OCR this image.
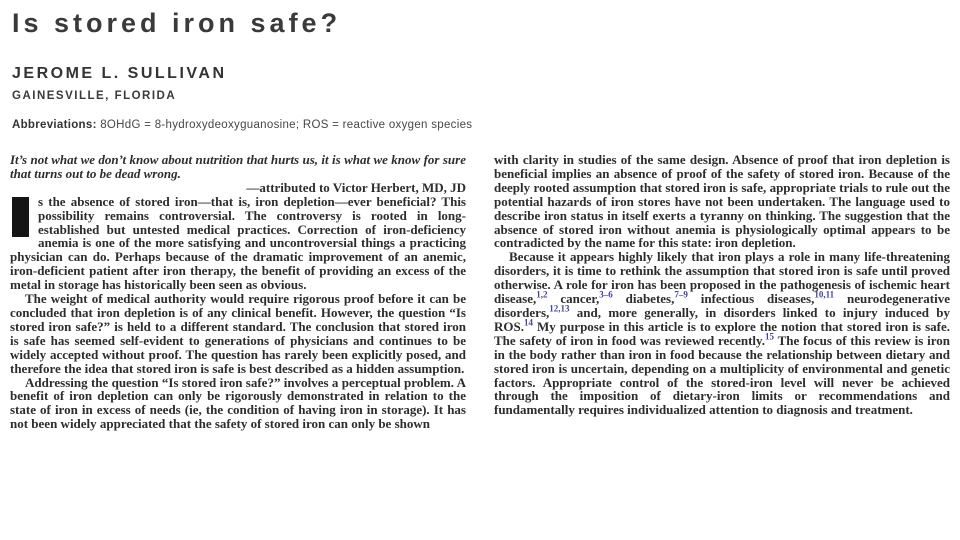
Is stored iron safe?
JEROME L. SULLIVAN
GAINESVILLE, FLORIDA
Abbreviations: 8OHdG = 8-hydroxydeoxyguanosine; ROS = reactive oxygen species
It’s not what we don’t know about nutrition that hurts us, it is what we know for sure that turns out to be dead wrong.
—attributed to Victor Herbert, MD, JD

s the absence of stored iron—that is, iron depletion—ever beneficial? This possibility remains controversial. The controversy is rooted in long-established but untested medical practices. Correction of iron-deficiency anemia is one of the more satisfying and uncontroversial things a practicing physician can do. Perhaps because of the dramatic improvement of an anemic, iron-deficient patient after iron therapy, the benefit of providing an excess of the metal in storage has historically been seen as obvious.

The weight of medical authority would require rigorous proof before it can be concluded that iron depletion is of any clinical benefit. However, the question “Is stored iron safe?” is held to a different standard. The conclusion that stored iron is safe has seemed self-evident to generations of physicians and continues to be widely accepted without proof. The question has rarely been explicitly posed, and therefore the idea that stored iron is safe is best described as a hidden assumption.

Addressing the question “Is stored iron safe?” involves a perceptual problem. A benefit of iron depletion can only be rigorously demonstrated in relation to the state of iron in excess of needs (ie, the condition of having iron in storage). It has not been widely appreciated that the safety of stored iron can only be shown

with clarity in studies of the same design. Absence of proof that iron depletion is beneficial implies an absence of proof of the safety of stored iron. Because of the deeply rooted assumption that stored iron is safe, appropriate trials to rule out the potential hazards of iron stores have not been undertaken. The language used to describe iron status in itself exerts a tyranny on thinking. The suggestion that the absence of stored iron without anemia is physiologically optimal appears to be contradicted by the name for this state: iron depletion.

Because it appears highly likely that iron plays a role in many life-threatening disorders, it is time to rethink the assumption that stored iron is safe until proved otherwise. A role for iron has been proposed in the pathogenesis of ischemic heart disease,$^{1,2}$ cancer,$^{3-6}$ diabetes,$^{7-9}$ infectious diseases,$^{10,11}$ neurodegenerative disorders,$^{12,13}$ and, more generally, in disorders linked to injury induced by ROS.$^{14}$ My purpose in this article is to explore the notion that stored iron is safe. The safety of iron in food was reviewed recently.$^{15}$ The focus of this review is iron in the body rather than iron in food because the relationship between dietary and stored iron is uncertain, depending on a multiplicity of environmental and genetic factors. Appropriate control of the stored-iron level will never be achieved through the imposition of dietary-iron limits or recommendations and fundamentally requires individualized attention to diagnosis and treatment.
